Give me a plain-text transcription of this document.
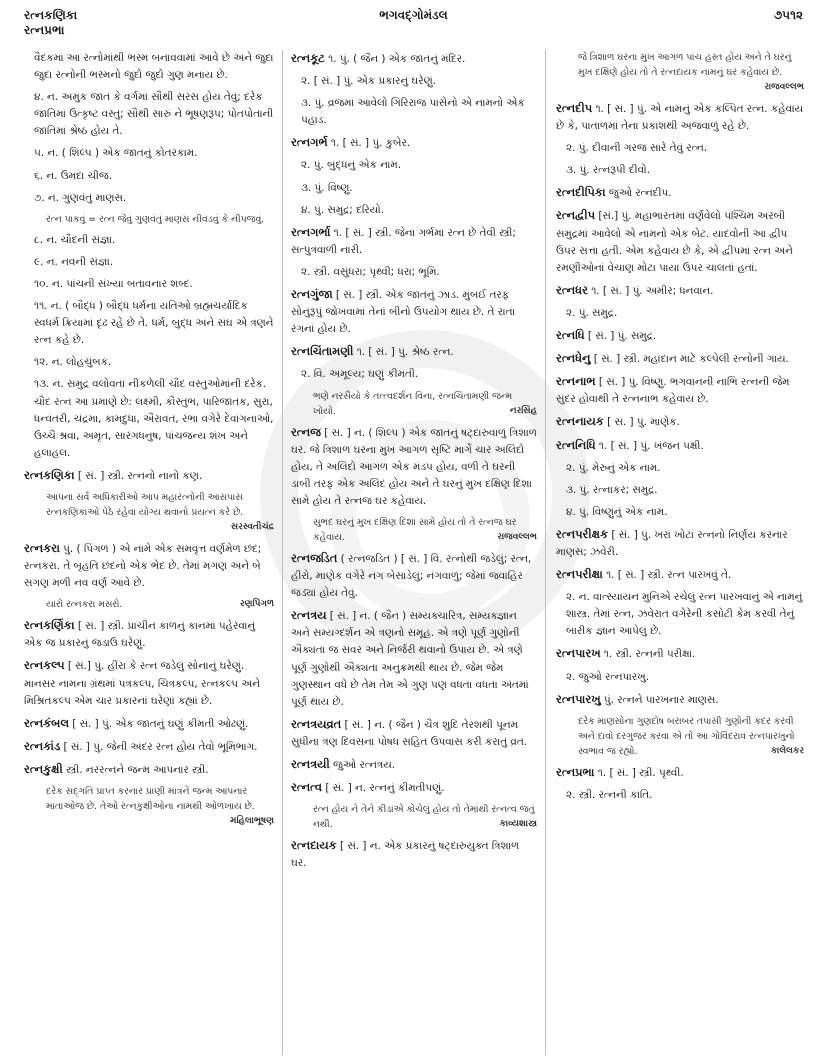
રત્નકણિકા
રત્નપ્રભા
ભગવદ્ગોમંડલ	૭૫૧૨
વૈદકમાં આ રત્નોમાંથી ભસ્મ બનાવવામાં આવે છે અને જુદા જુદા રત્નોની ભસ્મનો જુદો જુદો ગુણ મનાય છે.
૪. ન. અમુક જાત કે વર્ગમાં સૌથી સરસ હોય તેવું; દરેક જાતિમાં ઉત્કૃષ્ટ વસ્તુ; સૌથી સારું ને ભૂષણરૂપ; પોતપોતાની જાતિમાં શ્રેષ્ઠ હોય તે.
૫. ન. ( શિલ્પ ) એક જાતનું કોતરકામ.
૬. ન. ઉમદા ચીજ.
૭. ન. ગુણવંતું માણસ.
રત્ન પાકવું = રત્ન જેવું ગુણવંતું માણસ નીવડવું કે નીપજવું.
૮. ન. ચૌદની સંજ્ઞા.
૯. ન. નવની સંજ્ઞા.
૧૦. ન. પાંચની સંખ્યા બતાવનાર શબ્દ.
૧૧. ન. ( બૌદ્ધ ) બૌદ્ધ ધર્મના યતિઓ બ્રહ્મચર્યાદિક સ્વધર્મ ક્રિયામાં દૃઢ રહે છે તે. ધર્મ, બુદ્ધ અને સંઘ એ ત્રણને રત્ન કહે છે.
૧૨. ન. લોહચુંબક.
૧૩. ન. સમુદ્ર વલોવતાં નીકળેલી ચૌદ વસ્તુઓમાંની દરેક. ચૌદ રત્ન આ પ્રમાણે છે: લક્ષ્મી, કૌસ્તુભ, પારિજાતક, સુરા, ધન્વંતરી, ચંદ્રમા, કામદુધા, ઐરાવત, રંભા વગેરે દેવાંગનાઓ, ઉચ્ચૈઃશ્રવા, અમૃત, સારંગધનુષ, પાંચજન્ય શંખ અને હલાહલ.
રત્નકણિકા [ સં. ] સ્ત્રી. રત્નનો નાનો કણ.
આપના સર્વ અધિકારીઓ આપ મહારત્નોની આસપાસ રત્નકણિકાઓ પેઠે રહેવા યોગ્ય થવાનો પ્રયત્ન કરે છે.
સરસ્વતીચંદ્ર
રત્નકરા પું. ( પિંગળ ) એ નામે એક સમવૃત્ત વર્ણમેળ છંદ; રત્નકરા. તે બૃહતિ છંદનો એક ભેદ છે. તેમાં મગણ અને બે સગણ મળી નવ વર્ણ આવે છે.
યારો રત્નકરા મસરો.	રણપિંગળ
રત્નકર્ણિકા [ સં. ] સ્ત્રી. પ્રાચીન કાળનું કાનમાં પહેરવાનું એક જ પ્રકારનું જડાઉ ઘરેણું.
રત્નકલ્પ [ સં.] પું. હીરા કે રત્ન જડેલું સોનાનું ઘરેણું. માનસર નામના ગ્રંથમાં પત્રકલ્પ, ચિત્રકલ્પ, રત્નકલ્પ અને મિશ્રિતકલ્પ એમ ચાર પ્રકારનાં ઘરેણાં કહ્યાં છે.
રત્નકંબલ [ સં. ] પું. એક જાતનું ઘણું કીમતી ઓઢણું.
રત્નકાંડ [ સં. ] પું. જેની અંદર રત્ન હોય તેવો ભૂમિભાગ.
રત્નકુક્ષી સ્ત્રી. નરરત્નને જન્મ આપનાર સ્ત્રી.
દરેક સદ્ગતિ પ્રાપ્ત કરનાર પ્રાણી માત્રને જન્મ આપનાર માતાઓજ છે. તેઓ રત્નકુક્ષીઓના નામથી ઓળખાય છે.
મહિલાભૂષણ
રત્નકૂટ ૧. પું. ( જૈન ) એક જાતનું મંદિર.
૨. [ સં. ] પું. એક પ્રકારનું ઘરેણું.
૩. પું. વ્રજમાં આવેલો ગિરિરાજ પાસેનો એ નામનો એક પહાડ.
રત્નગર્ભ ૧. [ સં. ] પું. કુબેર.
૨. પું. બુદ્ધનું એક નામ.
૩. પું. વિષ્ણુ.
૪. પું. સમુદ્ર; દરિયો.
રત્નગર્ભા ૧. [ સં. ] સ્ત્રી. જેના ગર્ભમાં રત્ન છે તેવી સ્ત્રી; સત્પુત્રવાળી નારી.
૨. સ્ત્રી. વસુંધરા; પૃથ્વી; ધરા; ભૂમિ.
રત્નગુંજા [ સં. ] સ્ત્રી. એક જાતનું ઝાડ. મુંબઈ તરફ સોનુંરૂપું જોખવામાં તેનાં બીનો ઉપયોગ થાય છે. તે રાતા રંગનાં હોય છે.
રત્નચિંતામણી ૧. [ સં. ] પું. શ્રેષ્ઠ રત્ન.
૨. વિ. અમૂલ્ય; ઘણું કીમતી.
ભણે નરસૈયો કે તત્ત્વદર્શન વિના, રત્નચિંતામણી જન્મ ખોયો.	નરસિંહ
રત્નજ [ સં. ] ન. ( શિલ્પ ) એક જાતનું ષટ્દારુવાળું ત્રિશાળ ઘર. જે ત્રિશાળ ઘરના મુખ આગળ સૃષ્ટિ માર્ગે ચાર અલિંદો હોય, તે અલિંદો આગળ એક મંડપ હોય, વળી તે ઘરની ડાબી તરફ એક અલિંદ હોય અને તે ઘરનું મુખ દક્ષિણ દિશા સામે હોય તે રત્નજ ઘર કહેવાય.
સુભદ ઘરનું મુખ દક્ષિણ દિશા સામે હોય તો તે રત્નજ ઘર કહેવાય.	રાજવલ્લભ
રત્નજડિત ( રત્નજડિત ) [ સં. ] વિ. રત્નોથી જડેલું; રત્ન, હીરો, માણેક વગેરે નંગ બેસાડેલું; નંગવાળું; જેમાં જવાહિર જડ્યાં હોય તેવું.
રત્નત્રય [ સં. ] ન. ( જૈન ) સમ્યક્ચારિત્ર, સમ્યક્જ્ઞાન અને સમ્યગ્દર્શન એ ત્રણનો સમૂહ. એ ત્રણે પૂર્ણ ગુણોની ઐક્યતા જ સંવર અને નિર્જરી થવાનો ઉપાય છે. એ ત્રણે પૂર્ણ ગુણોથી ઐક્યતા અનુક્રમથી થાય છે. જેમ જેમ ગુણસ્થાન વધે છે તેમ તેમ એ ગુણ પણ વધતા વધતા અંતમાં પૂર્ણ થાય છે.
રત્નત્રયવ્રત [ સં. ] ન. ( જૈન ) ચૈત્ર શુદિ તેરશથી પૂનમ સુધીના ત્રણ દિવસના પોષધ સહિત ઉપવાસ કરી કરાતું વ્રત.
રત્નત્રયી જુઓ રત્નત્રય.
રત્નત્વ [ સં. ] ન. રત્નનું કીમતીપણું.
રત્ન હોય ને તેને કીડાએ કોચેલું હોય તો તેમાંથી રત્નત્વ જતું નથી.	કાવ્યશાસ્ત્ર
રત્નદાયક [ સં. ] ન. એક પ્રકારનું ષટ્દારુયુક્ત ત્રિશાળ ઘર.
જે ત્રિશાળ ઘરના મુખ આગળ પાંચ હસ્ત હોય અને તે ઘરનું મુખ દક્ષિણે હોય તો તે રત્નદાયક નામનું ઘર કહેવાય છે.
રાજવલ્લભ
રત્નદીપ ૧. [ સં. ] પું. એ નામનું એક કલ્પિત રત્ન. કહેવાય છે કે, પાતાળમાં તેના પ્રકાશથી અજવાળું રહે છે.
૨. પું. દીવાની ગરજ સારે તેવું રત્ન.
૩. પું. રત્નરૂપી દીવો.
રત્નદીપિકા જુઓ રત્નદીપ.
રત્નદ્વીપ [સં.] પું. મહાભારતમાં વર્ણવેલો પશ્ચિમ અરબી સમુદ્રમાં આવેલો એ નામનો એક બેટ. યાદવોની આ દ્વીપ ઉપર સત્તા હતી. એમ કહેવાય છે કે, એ દ્વીપમાં રત્ન અને રમણીઓનાં વેચાણ મોટા પાયા ઉપર ચાલતાં હતાં.
રત્નધર ૧. [ સં. ] પું. અમીર; ધનવાન.
૨. પું. સમુદ્ર.
રત્નધિ [ સં. ] પું. સમુદ્ર.
રત્નધેનુ [ સં. ] સ્ત્રી. મહાદાન માટે કલ્પેલી રત્નોની ગાય.
રત્નનાભ [ સં. ] પું. વિષ્ણુ. ભગવાનની નાભિ રત્નની જેમ સુંદર હોવાથી તે રત્નનાભ કહેવાય છે.
રત્નનાયક [ સં. ] પું. માણેક.
રત્નનિધિ ૧. [ સં. ] પું. ખંજન પક્ષી.
૨. પું. મેરુનું એક નામ.
૩. પું. રત્નાકર; સમુદ્ર.
૪. પું. વિષ્ણુનું એક નામ.
રત્નપરીક્ષક [ સં. ] પું. ખરાં ખોટાં રત્નનો નિર્ણય કરનાર માણસ; ઝવેરી.
રત્નપરીક્ષા ૧. [ સં. ] સ્ત્રી. રત્ન પારખવું તે.
૨. ન. વાત્સ્યાયન મુનિએ રચેલું રત્ન પારખવાનું એ નામનું શાસ્ત્ર. તેમાં રત્ન, ઝવેરાત વગેરેની કસોટી કેમ કરવી તેનું બારીક જ્ઞાન આપેલું છે.
રત્નપારખ ૧. સ્ત્રી. રત્નની પરીક્ષા.
૨. જુઓ રત્નપારખુ.
રત્નપારખુ પું. રત્નને પારખનાર માણસ.
દરેક માણસોના ગુણદોષ બરાબર તપાસી ગુણોની કદર કરવી અને દાવો દરગુજર કરવા એ તો આ ગોવિંદરાવ રત્નપારખુનો સ્વભાવ જ રહ્યો.	કાલેલકર
રત્નપ્રભા ૧. [ સં. ] સ્ત્રી. પૃથ્વી.
૨. સ્ત્રી. રત્નની કાંતિ.
